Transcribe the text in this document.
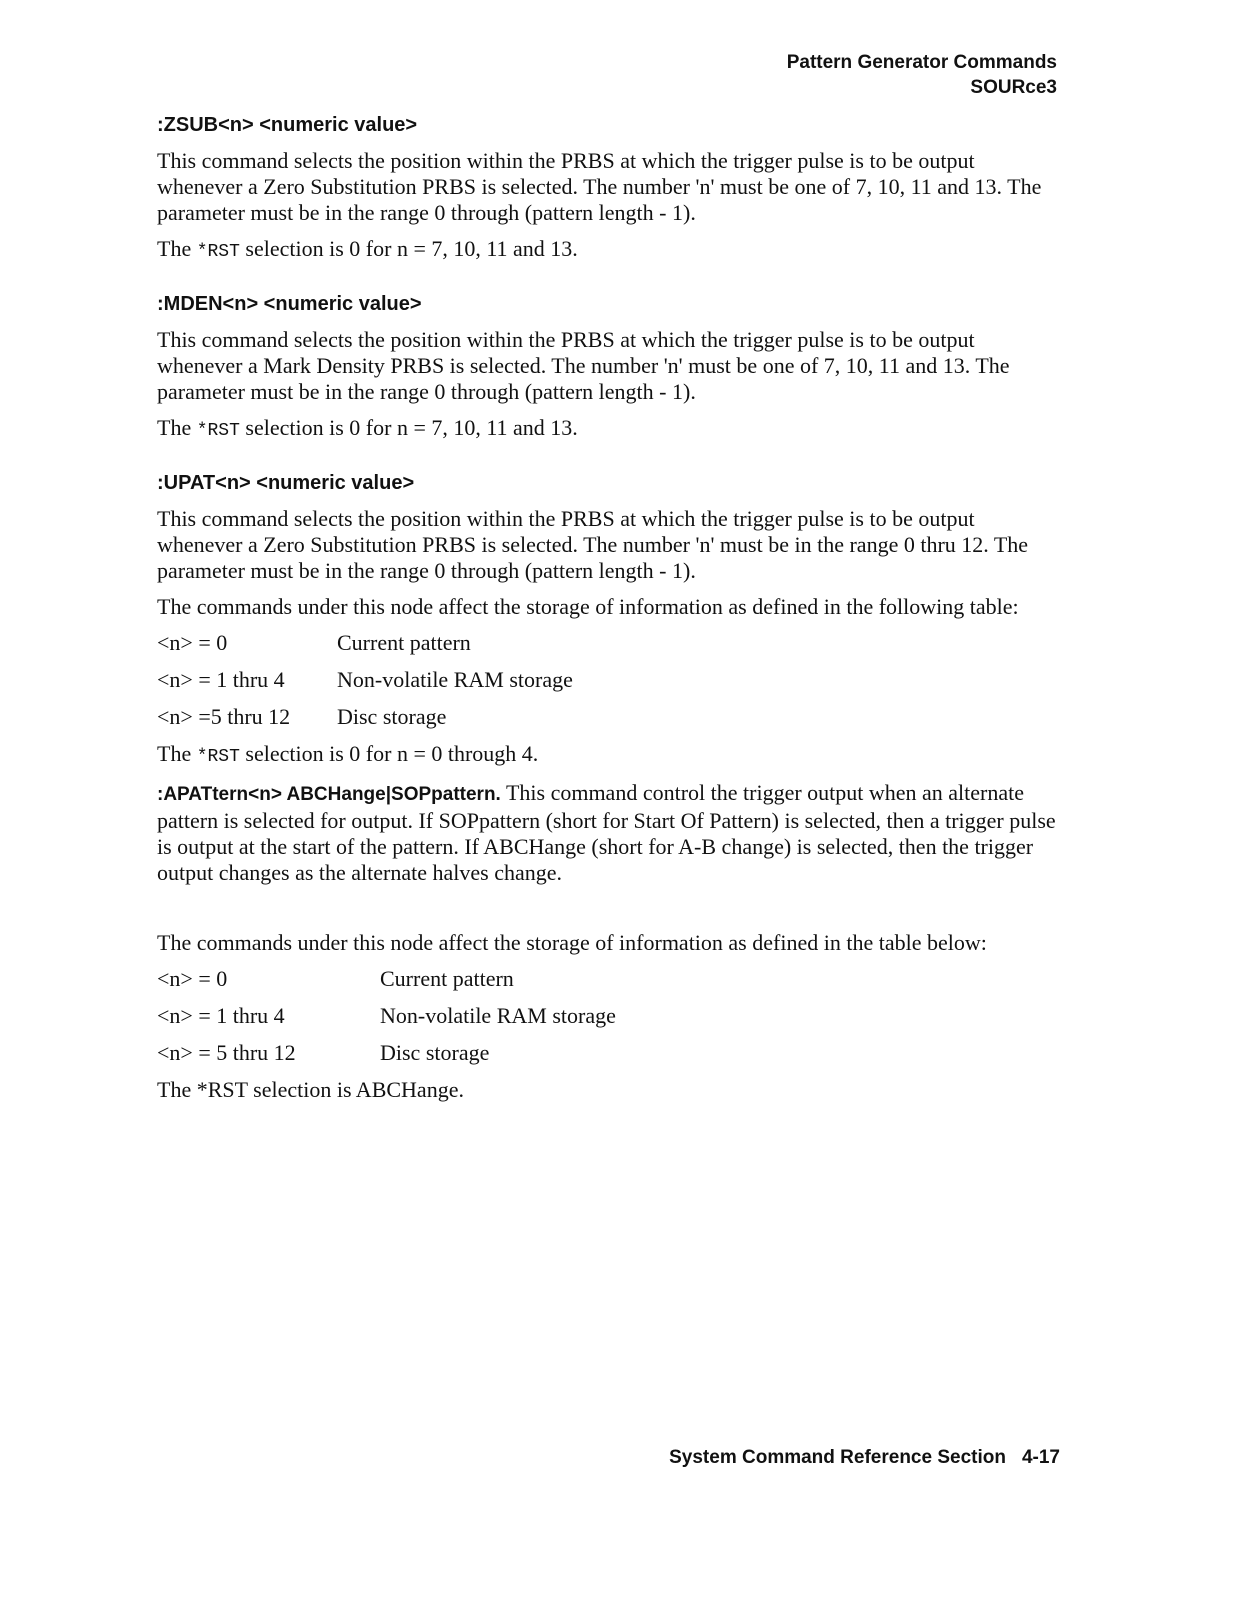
Pattern Generator Commands
SOURce3
:ZSUB<n> <numeric value>

This command selects the position within the PRBS at which the trigger pulse is to be output whenever a Zero Substitution PRBS is selected. The number 'n' must be one of 7, 10, 11 and 13. The parameter must be in the range 0 through (pattern length - 1).

The *RST selection is 0 for n = 7, 10, 11 and 13.

:MDEN<n> <numeric value>

This command selects the position within the PRBS at which the trigger pulse is to be output whenever a Mark Density PRBS is selected. The number 'n' must be one of 7, 10, 11 and 13. The parameter must be in the range 0 through (pattern length - 1).

The *RST selection is 0 for n = 7, 10, 11 and 13.

:UPAT<n> <numeric value>

This command selects the position within the PRBS at which the trigger pulse is to be output whenever a Zero Substitution PRBS is selected. The number 'n' must be in the range 0 thru 12. The parameter must be in the range 0 through (pattern length - 1).

The commands under this node affect the storage of information as defined in the following table:

<n> = 0	Current pattern
<n> = 1 thru 4	Non-volatile RAM storage
<n> =5 thru 12	Disc storage

The *RST selection is 0 for n = 0 through 4.

:APATtern<n> ABCHange|SOPpattern. This command control the trigger output when an alternate pattern is selected for output. If SOPpattern (short for Start Of Pattern) is selected, then a trigger pulse is output at the start of the pattern. If ABCHange (short for A-B change) is selected, then the trigger output changes as the alternate halves change.

The commands under this node affect the storage of information as defined in the table below:

<n> = 0	Current pattern
<n> = 1 thru 4	Non-volatile RAM storage
<n> = 5 thru 12	Disc storage

The *RST selection is ABCHange.

System Command Reference Section 4-17
